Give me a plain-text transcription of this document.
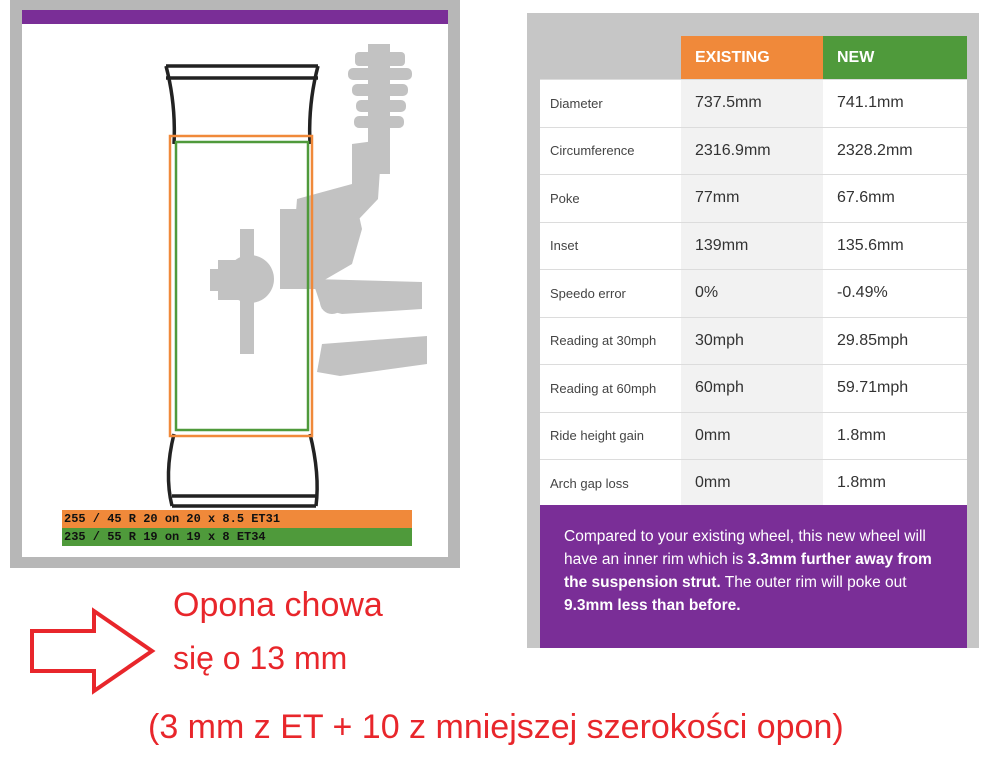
255 / 45 R 20 on 20 x 8.5 ET31
235 / 55 R 19 on 19 x 8 ET34
	EXISTING	NEW
Diameter	737.5mm	741.1mm
Circumference	2316.9mm	2328.2mm
Poke	77mm	67.6mm
Inset	139mm	135.6mm
Speedo error	0%	-0.49%
Reading at 30mph	30mph	29.85mph
Reading at 60mph	60mph	59.71mph
Ride height gain	0mm	1.8mm
Arch gap loss	0mm	1.8mm
Compared to your existing wheel, this new wheel will have an inner rim which is 3.3mm further away from the suspension strut. The outer rim will poke out 9.3mm less than before.
Opona chowa
się o 13 mm
(3 mm z ET + 10 z mniejszej szerokości opon)
